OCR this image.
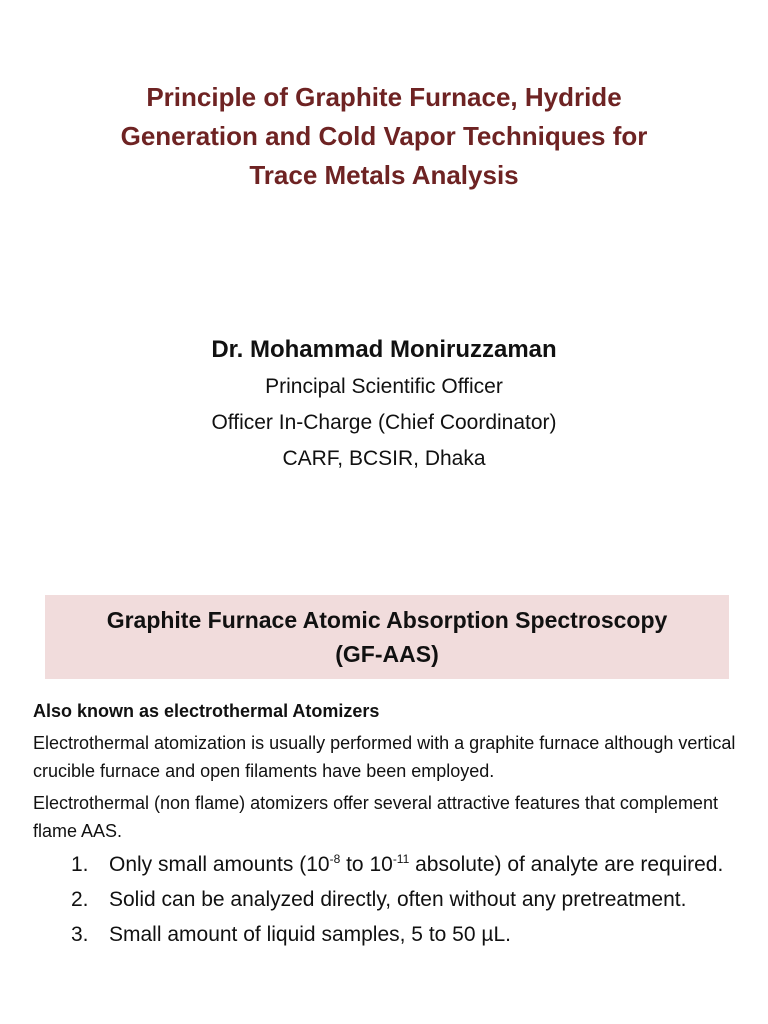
Principle of Graphite Furnace, Hydride
Generation and Cold Vapor Techniques for
Trace Metals Analysis
Dr. Mohammad Moniruzzaman
Principal Scientific Officer
Officer In-Charge (Chief Coordinator)
CARF, BCSIR, Dhaka
Graphite Furnace Atomic Absorption Spectroscopy
(GF-AAS)
Also known as electrothermal Atomizers
Electrothermal atomization is usually performed with a graphite furnace although vertical crucible furnace and open filaments have been employed.
Electrothermal (non flame) atomizers offer several attractive features that complement flame AAS.
1. Only small amounts ($10^{-8}$ to $10^{-11}$ absolute) of analyte are required.
2. Solid can be analyzed directly, often without any pretreatment.
3. Small amount of liquid samples, 5 to 50 µL.
